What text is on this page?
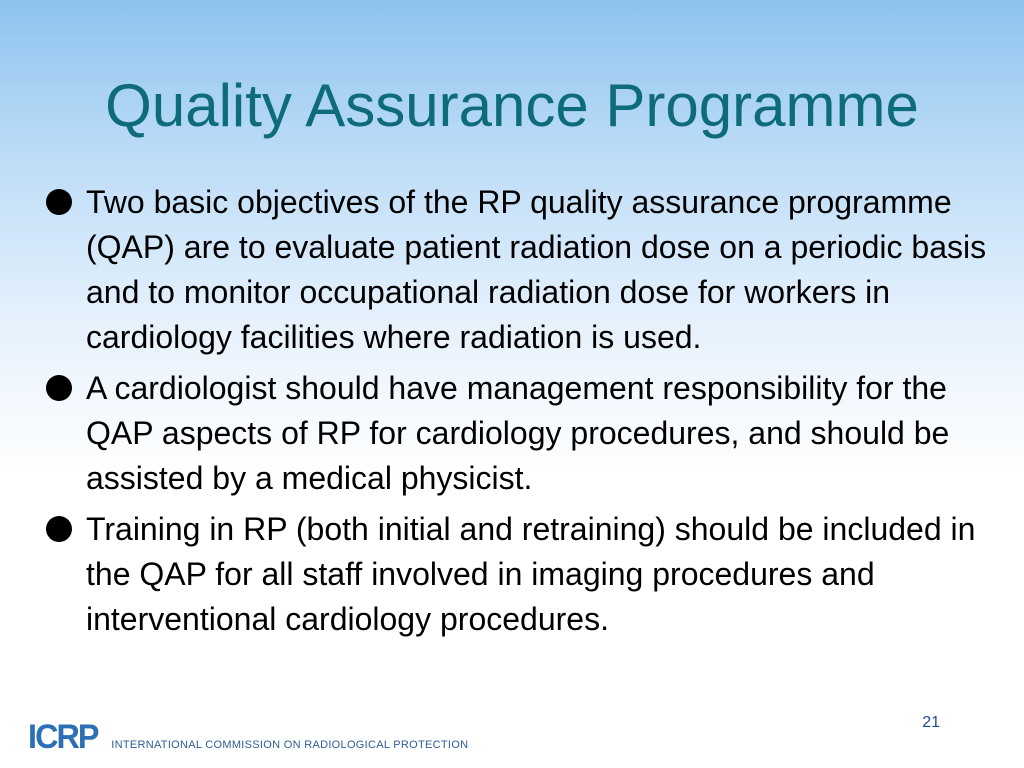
Quality Assurance Programme
Two basic objectives of the RP quality assurance programme (QAP) are to evaluate patient radiation dose on a periodic basis and to monitor occupational radiation dose for workers in cardiology facilities where radiation is used.
A cardiologist should have management responsibility for the QAP aspects of RP for cardiology procedures, and should be assisted by a medical physicist.
Training in RP (both initial and retraining) should be included in the QAP for all staff involved in imaging procedures and interventional cardiology procedures.
21
ICRP INTERNATIONAL COMMISSION ON RADIOLOGICAL PROTECTION
